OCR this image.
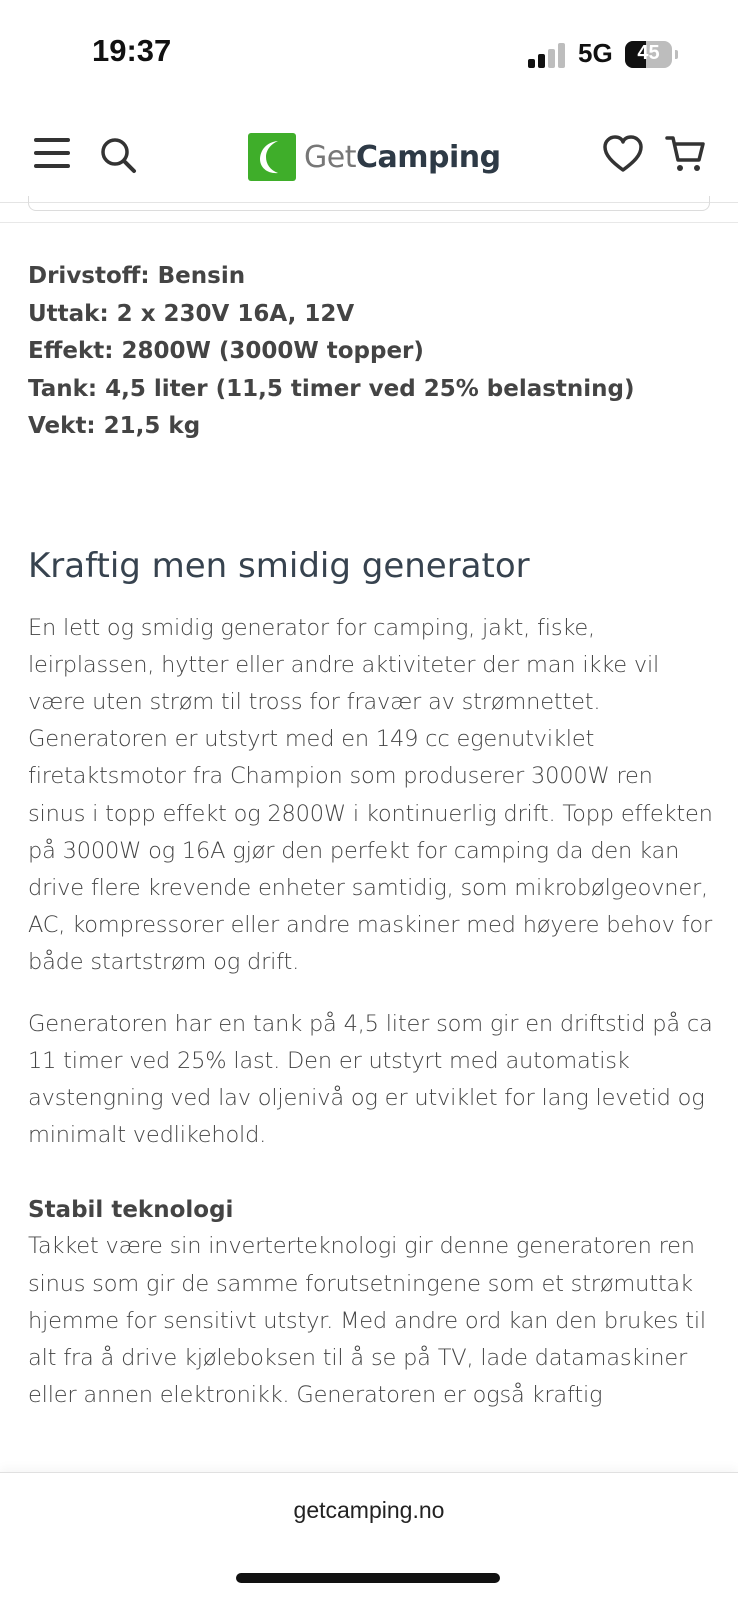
19:37	5G	45
GetCamping
Drivstoff: Bensin
Uttak: 2 x 230V 16A, 12V
Effekt: 2800W (3000W topper)
Tank: 4,5 liter (11,5 timer ved 25% belastning)
Vekt: 21,5 kg
Kraftig men smidig generator

En lett og smidig generator for camping, jakt, fiske, leirplassen, hytter eller andre aktiviteter der man ikke vil være uten strøm til tross for fravær av strømnettet. Generatoren er utstyrt med en 149 cc egenutviklet firetaktsmotor fra Champion som produserer 3000W ren sinus i topp effekt og 2800W i kontinuerlig drift. Topp effekten på 3000W og 16A gjør den perfekt for camping da den kan drive flere krevende enheter samtidig, som mikrobølgeovner, AC, kompressorer eller andre maskiner med høyere behov for både startstrøm og drift.

Generatoren har en tank på 4,5 liter som gir en driftstid på ca 11 timer ved 25% last. Den er utstyrt med automatisk avstengning ved lav oljenivå og er utviklet for lang levetid og minimalt vedlikehold.

Stabil teknologi

Takket være sin inverterteknologi gir denne generatoren ren sinus som gir de samme forutsetningene som et strømuttak hjemme for sensitivt utstyr. Med andre ord kan den brukes til alt fra å drive kjøleboksen til å se på TV, lade datamaskiner eller annen elektronikk. Generatoren er også kraftig

getcamping.no
